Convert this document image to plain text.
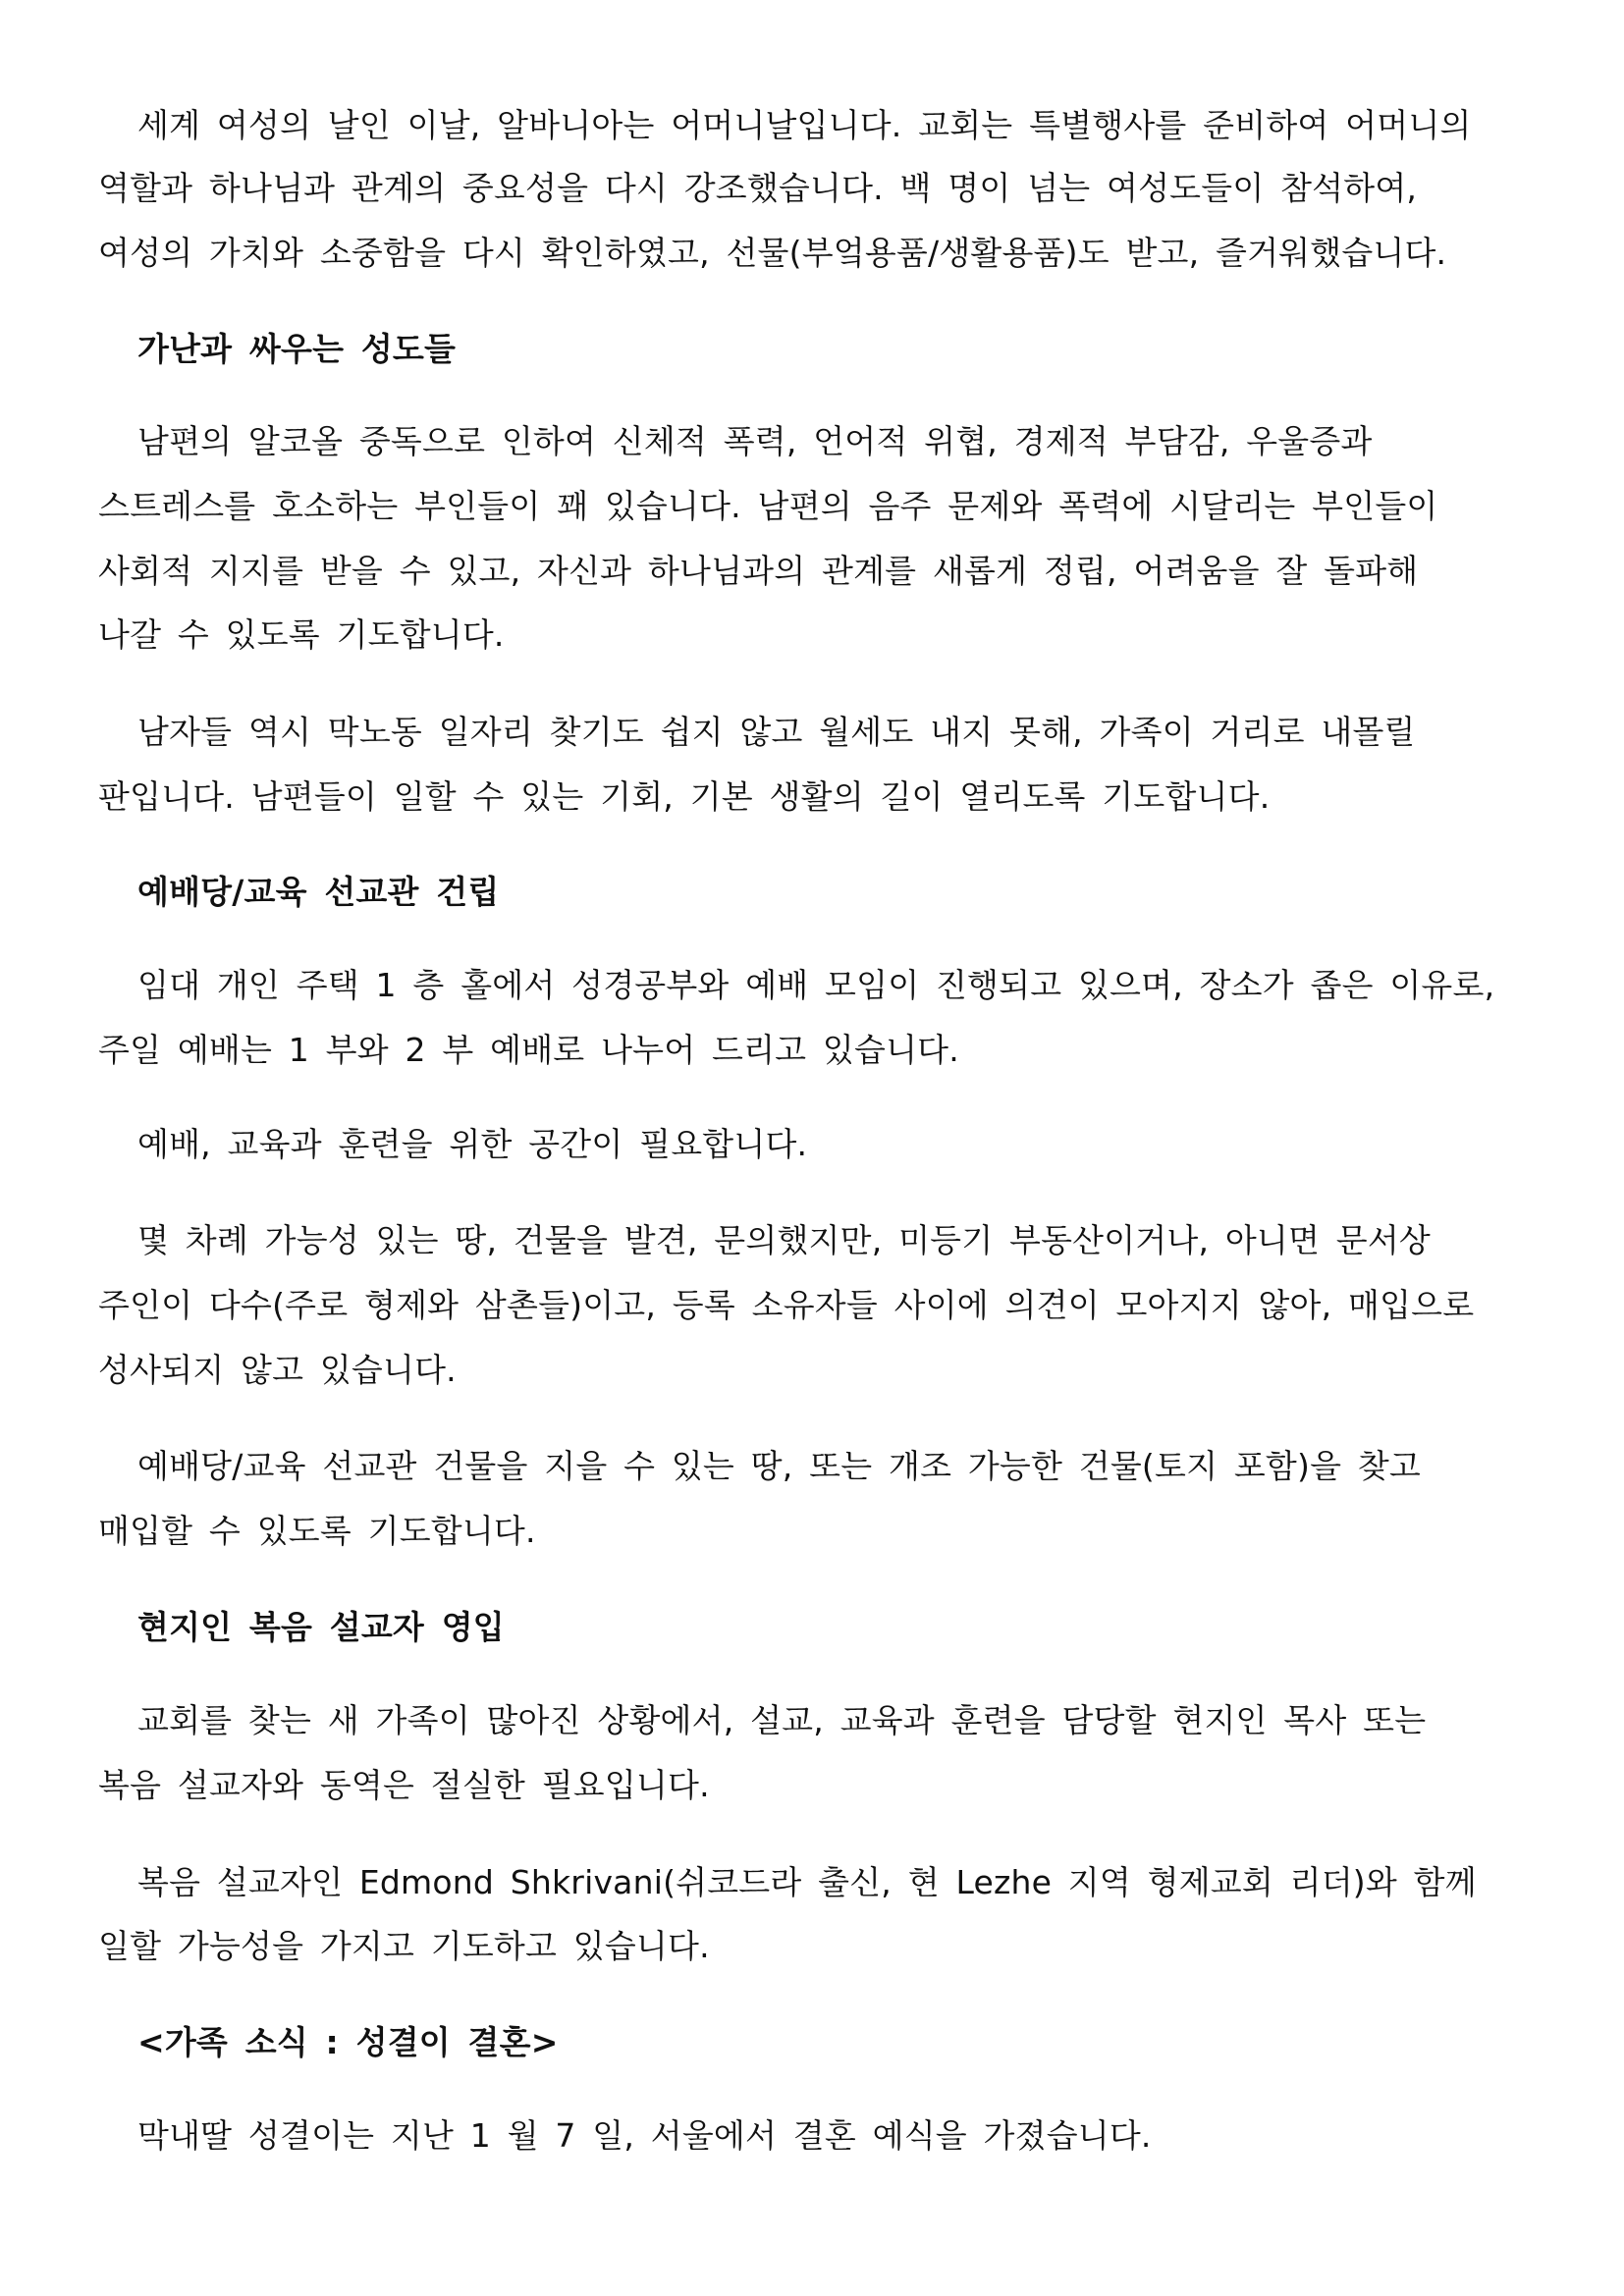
세계 여성의 날인 이날, 알바니아는 어머니날입니다. 교회는 특별행사를 준비하여 어머니의
역할과 하나님과 관계의 중요성을 다시 강조했습니다. 백 명이 넘는 여성도들이 참석하여,
여성의 가치와 소중함을 다시 확인하였고, 선물(부엌용품/생활용품)도 받고, 즐거워했습니다.
가난과 싸우는 성도들
남편의 알코올 중독으로 인하여 신체적 폭력, 언어적 위협, 경제적 부담감, 우울증과
스트레스를 호소하는 부인들이 꽤 있습니다. 남편의 음주 문제와 폭력에 시달리는 부인들이
사회적 지지를 받을 수 있고, 자신과 하나님과의 관계를 새롭게 정립, 어려움을 잘 돌파해
나갈 수 있도록 기도합니다.
남자들 역시 막노동 일자리 찾기도 쉽지 않고 월세도 내지 못해, 가족이 거리로 내몰릴
판입니다. 남편들이 일할 수 있는 기회, 기본 생활의 길이 열리도록 기도합니다.
예배당/교육 선교관 건립
임대 개인 주택 1 층 홀에서 성경공부와 예배 모임이 진행되고 있으며, 장소가 좁은 이유로,
주일 예배는 1 부와 2 부 예배로 나누어 드리고 있습니다.
예배, 교육과 훈련을 위한 공간이 필요합니다.
몇 차례 가능성 있는 땅, 건물을 발견, 문의했지만, 미등기 부동산이거나, 아니면 문서상
주인이 다수(주로 형제와 삼촌들)이고, 등록 소유자들 사이에 의견이 모아지지 않아, 매입으로
성사되지 않고 있습니다.
예배당/교육 선교관 건물을 지을 수 있는 땅, 또는 개조 가능한 건물(토지 포함)을 찾고
매입할 수 있도록 기도합니다.
현지인 복음 설교자 영입
교회를 찾는 새 가족이 많아진 상황에서, 설교, 교육과 훈련을 담당할 현지인 목사 또는
복음 설교자와 동역은 절실한 필요입니다.
복음 설교자인 Edmond Shkrivani(쉬코드라 출신, 현 Lezhe 지역 형제교회 리더)와 함께
일할 가능성을 가지고 기도하고 있습니다.
<가족 소식 : 성결이 결혼>
막내딸 성결이는 지난 1 월 7 일, 서울에서 결혼 예식을 가졌습니다.
